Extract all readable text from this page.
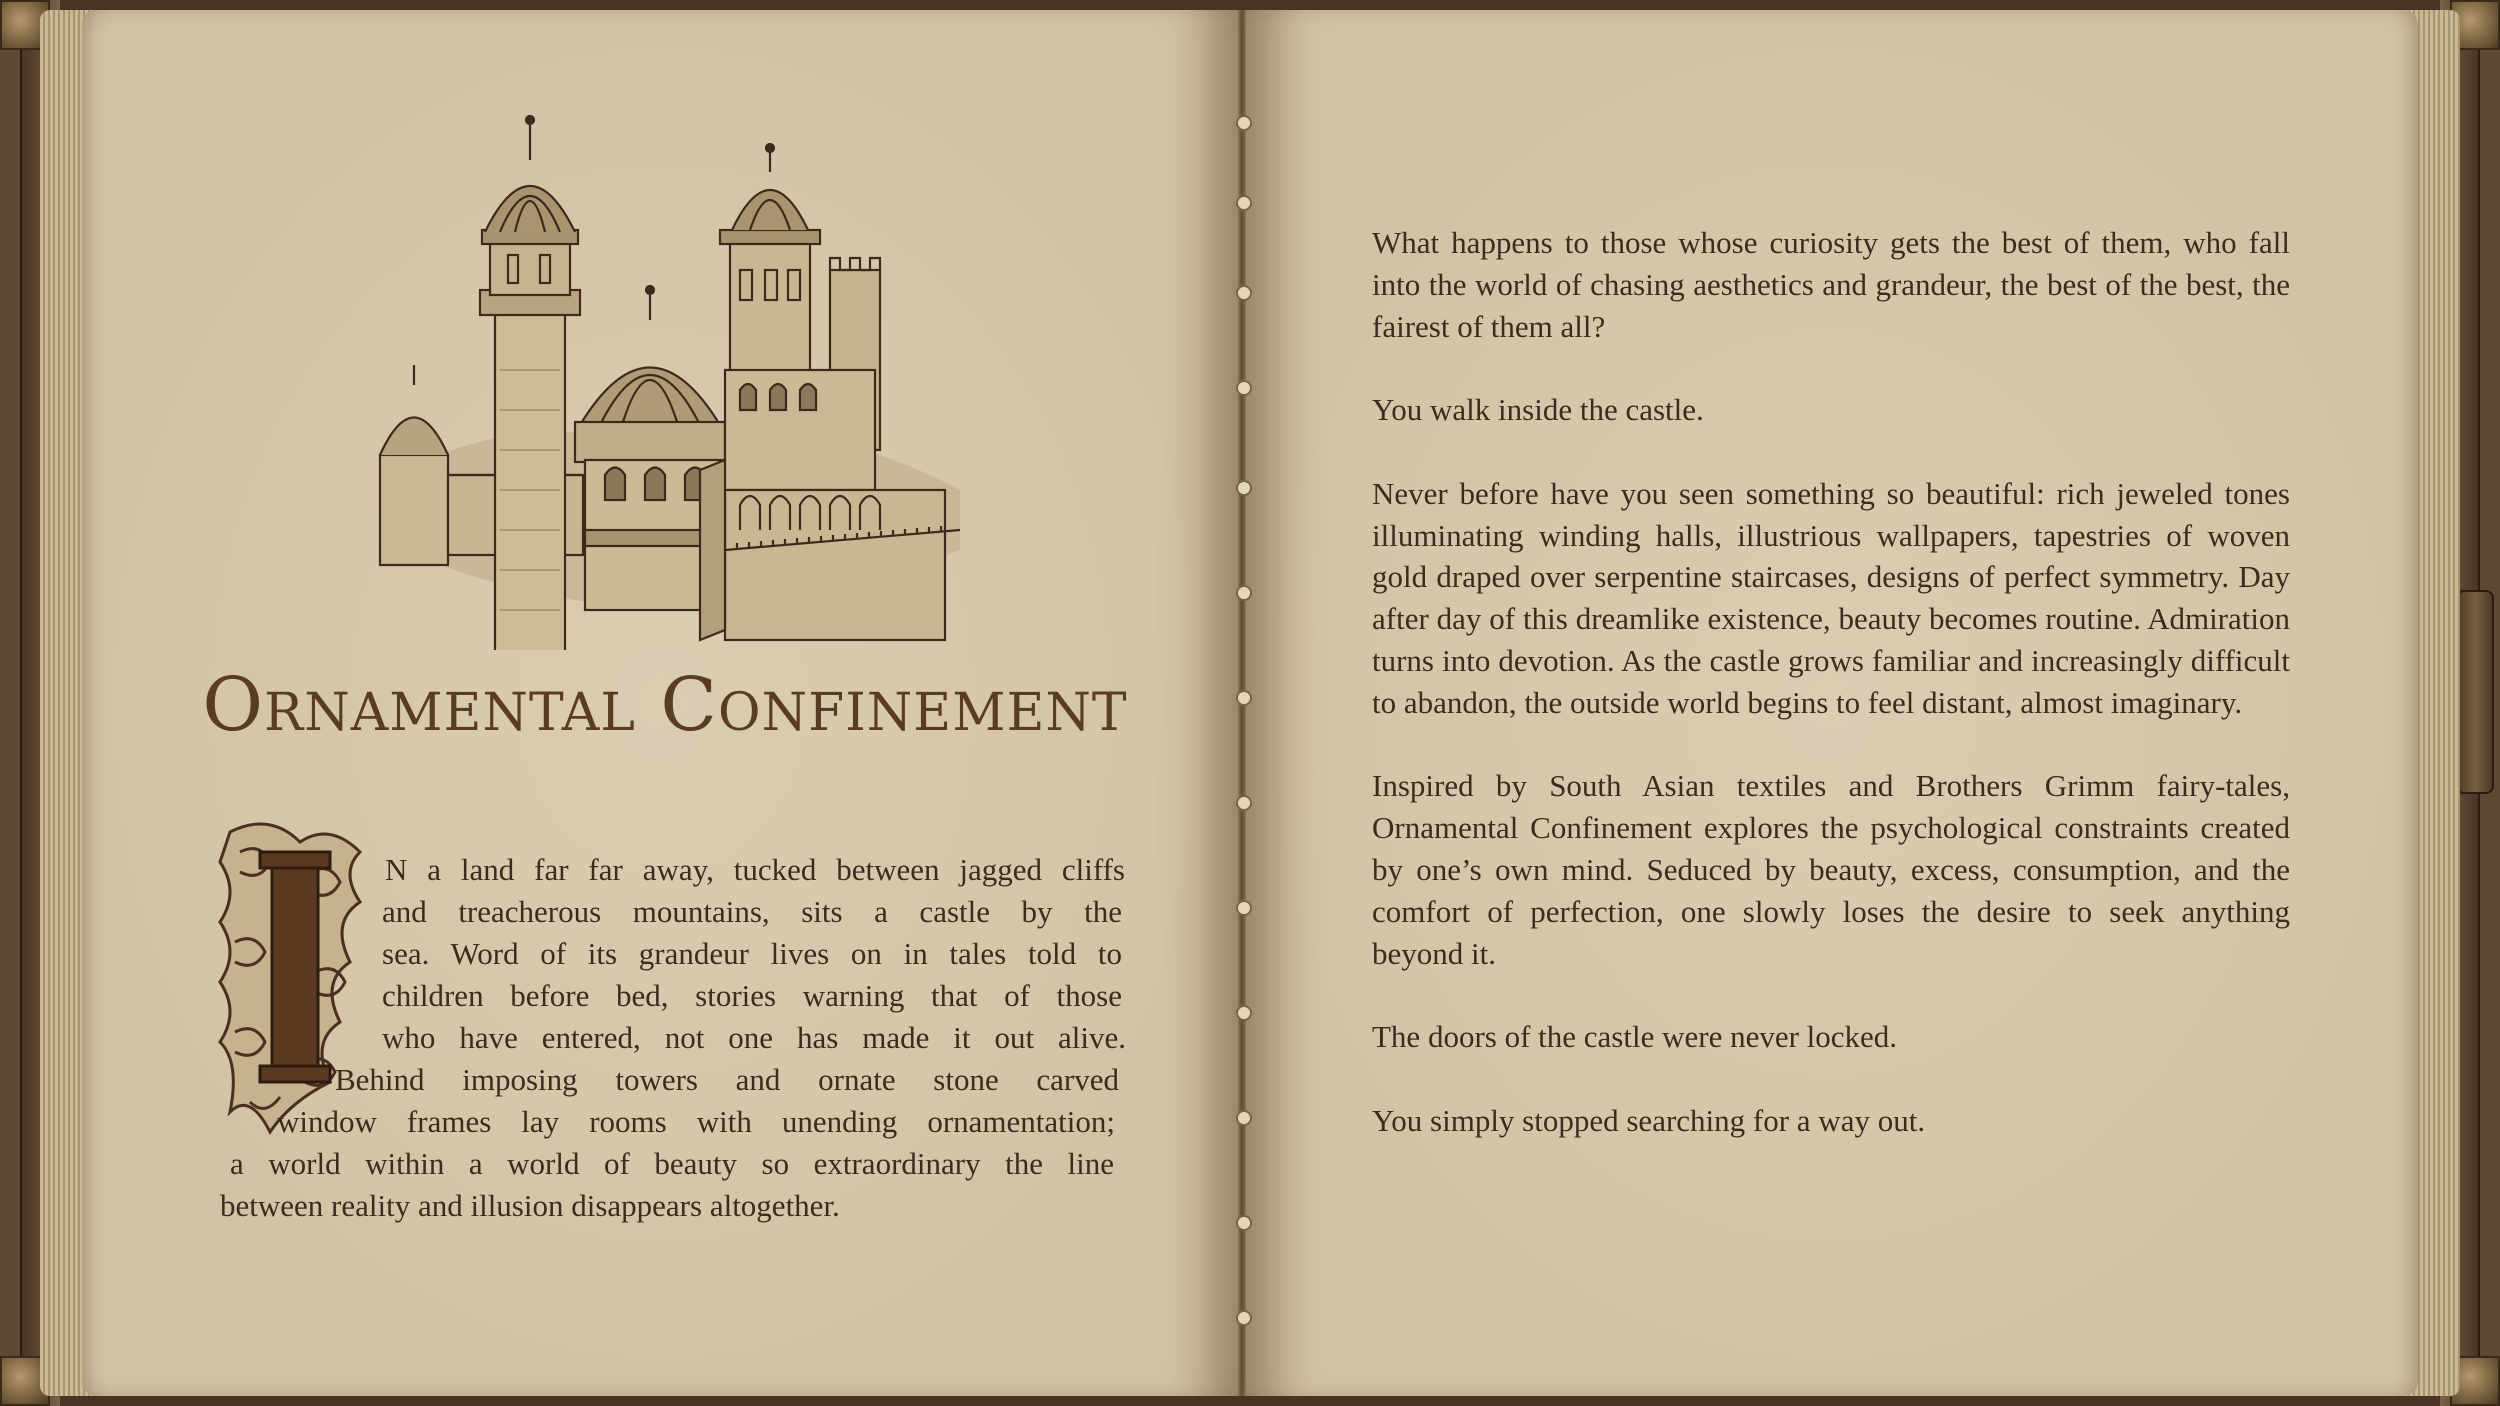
Ornamental Confinement
I
N a land far far away, tucked between jagged cliffs
and treacherous mountains, sits a castle by the
sea. Word of its grandeur lives on in tales told to
children before bed, stories warning that of those
who have entered, not one has made it out alive.
Behind imposing towers and ornate stone carved
window frames lay rooms with unending ornamentation;
a world within a world of beauty so extraordinary the line
between reality and illusion disappears altogether.

What happens to those whose curiosity gets the best of them, who fall into the world of chasing aesthetics and grandeur, the best of the best, the fairest of them all?

You walk inside the castle.

Never before have you seen something so beautiful: rich jeweled tones illuminating winding halls, illustrious wallpapers, tapestries of woven gold draped over serpentine staircases, designs of perfect symmetry. Day after day of this dreamlike existence, beauty becomes routine. Admiration turns into devotion. As the castle grows familiar and increasingly difficult to abandon, the outside world begins to feel distant, almost imaginary.

Inspired by South Asian textiles and Brothers Grimm fairy-tales, Ornamental Confinement explores the psychological constraints created by one’s own mind. Seduced by beauty, excess, consumption, and the comfort of perfection, one slowly loses the desire to seek anything beyond it.

The doors of the castle were never locked.

You simply stopped searching for a way out.
